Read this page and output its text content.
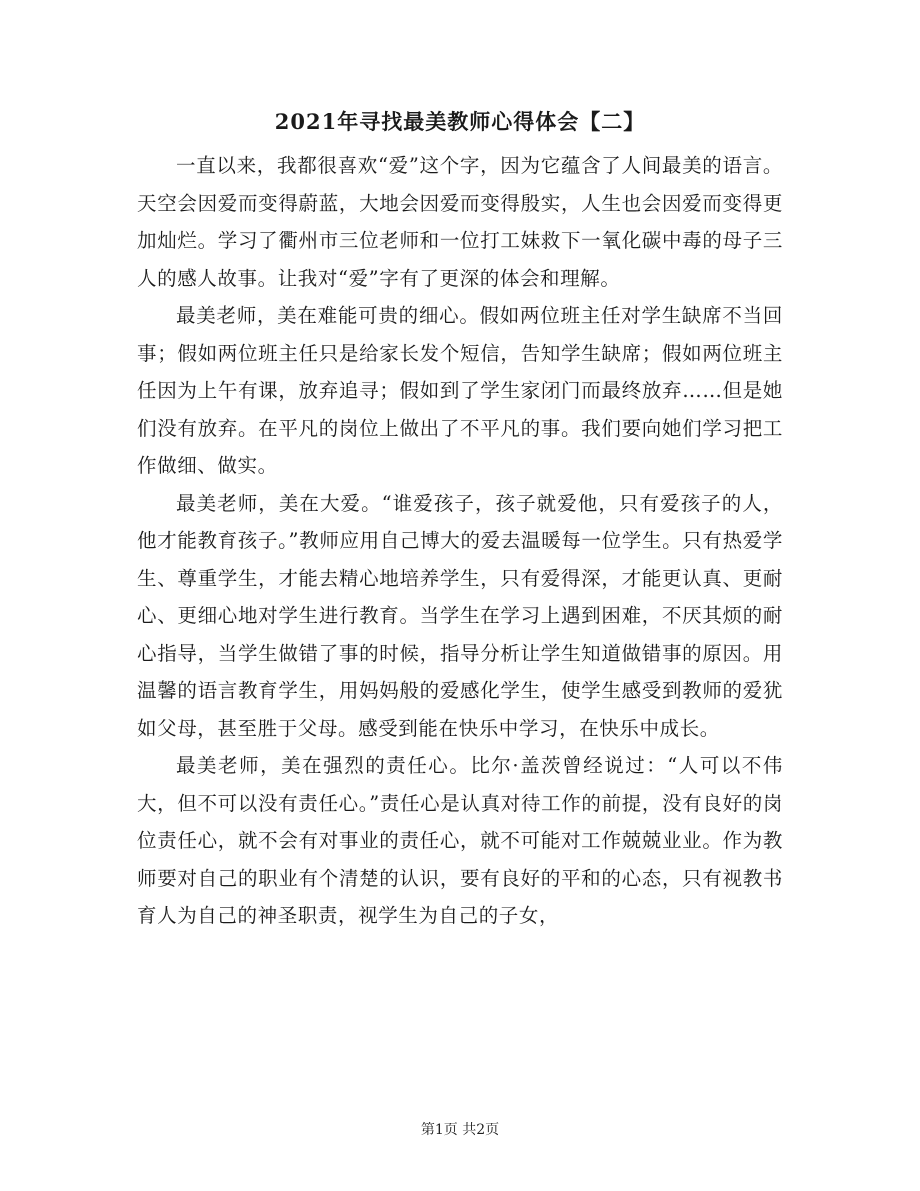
2021年寻找最美教师心得体会【二】

一直以来，我都很喜欢“爱”这个字，因为它蕴含了人间最美的语言。天空会因爱而变得蔚蓝，大地会因爱而变得殷实，人生也会因爱而变得更加灿烂。学习了衢州市三位老师和一位打工妹救下一氧化碳中毒的母子三人的感人故事。让我对“爱”字有了更深的体会和理解。

最美老师，美在难能可贵的细心。假如两位班主任对学生缺席不当回事；假如两位班主任只是给家长发个短信，告知学生缺席；假如两位班主任因为上午有课，放弃追寻；假如到了学生家闭门而最终放弃……但是她们没有放弃。在平凡的岗位上做出了不平凡的事。我们要向她们学习把工作做细、做实。

最美老师，美在大爱。“谁爱孩子，孩子就爱他，只有爱孩子的人，他才能教育孩子。”教师应用自己博大的爱去温暖每一位学生。只有热爱学生、尊重学生，才能去精心地培养学生，只有爱得深，才能更认真、更耐心、更细心地对学生进行教育。当学生在学习上遇到困难，不厌其烦的耐心指导，当学生做错了事的时候，指导分析让学生知道做错事的原因。用温馨的语言教育学生，用妈妈般的爱感化学生，使学生感受到教师的爱犹如父母，甚至胜于父母。感受到能在快乐中学习，在快乐中成长。

最美老师，美在强烈的责任心。比尔·盖茨曾经说过：“人可以不伟大，但不可以没有责任心。”责任心是认真对待工作的前提，没有良好的岗位责任心，就不会有对事业的责任心，就不可能对工作兢兢业业。作为教师要对自己的职业有个清楚的认识，要有良好的平和的心态，只有视教书育人为自己的神圣职责，视学生为自己的子女，

第1页 共2页
